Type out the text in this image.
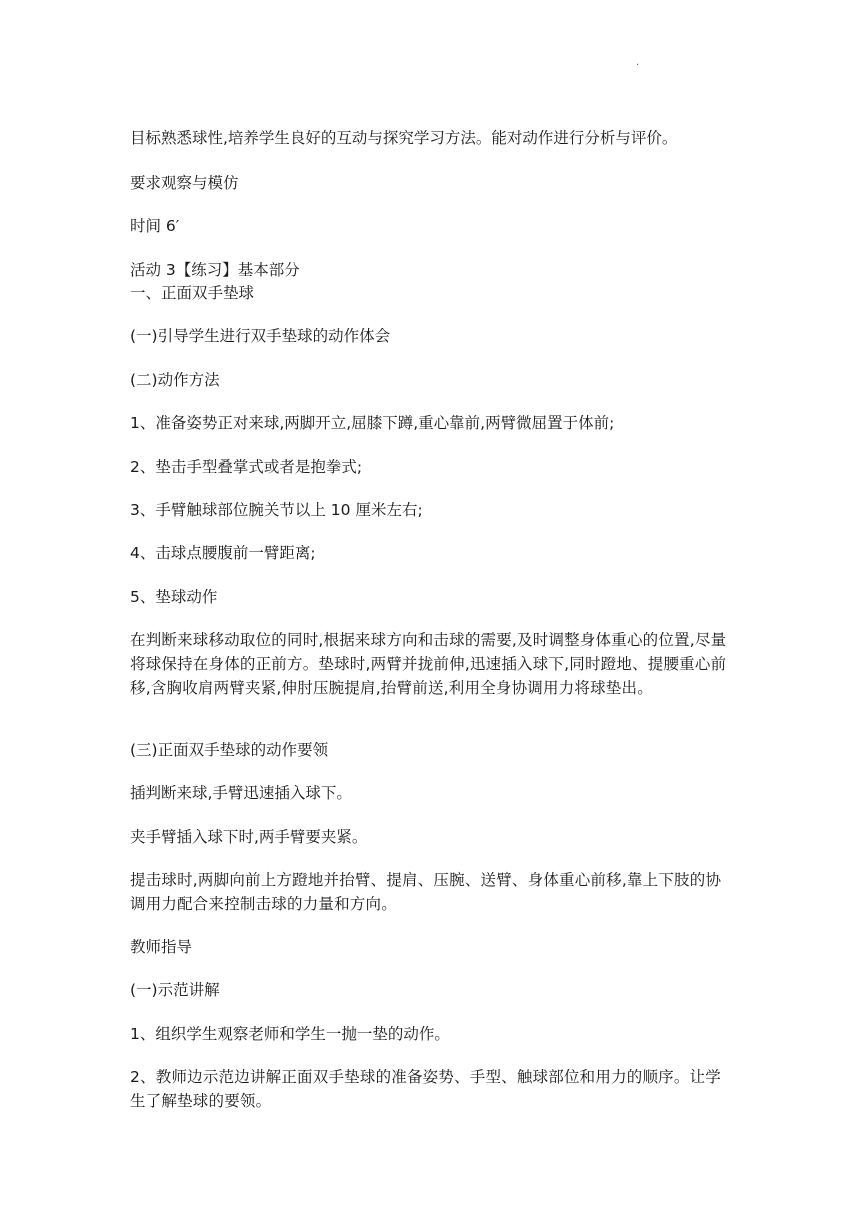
.

目标熟悉球性,培养学生良好的互动与探究学习方法。能对动作进行分析与评价。

要求观察与模仿

时间 6′

活动 3【练习】基本部分

一、正面双手垫球

(一)引导学生进行双手垫球的动作体会

(二)动作方法

1、准备姿势正对来球,两脚开立,屈膝下蹲,重心靠前,两臂微屈置于体前;

2、垫击手型叠掌式或者是抱拳式;

3、手臂触球部位腕关节以上 10 厘米左右;

4、击球点腰腹前一臂距离;

5、垫球动作

在判断来球移动取位的同时,根据来球方向和击球的需要,及时调整身体重心的位置,尽量将球保持在身体的正前方。垫球时,两臂并拢前伸,迅速插入球下,同时蹬地、提腰重心前移,含胸收肩两臂夹紧,伸肘压腕提肩,抬臂前送,利用全身协调用力将球垫出。

(三)正面双手垫球的动作要领

插判断来球,手臂迅速插入球下。

夹手臂插入球下时,两手臂要夹紧。

提击球时,两脚向前上方蹬地并抬臂、提肩、压腕、送臂、身体重心前移,靠上下肢的协调用力配合来控制击球的力量和方向。

教师指导

(一)示范讲解

1、组织学生观察老师和学生一抛一垫的动作。

2、教师边示范边讲解正面双手垫球的准备姿势、手型、触球部位和用力的顺序。让学生了解垫球的要领。
